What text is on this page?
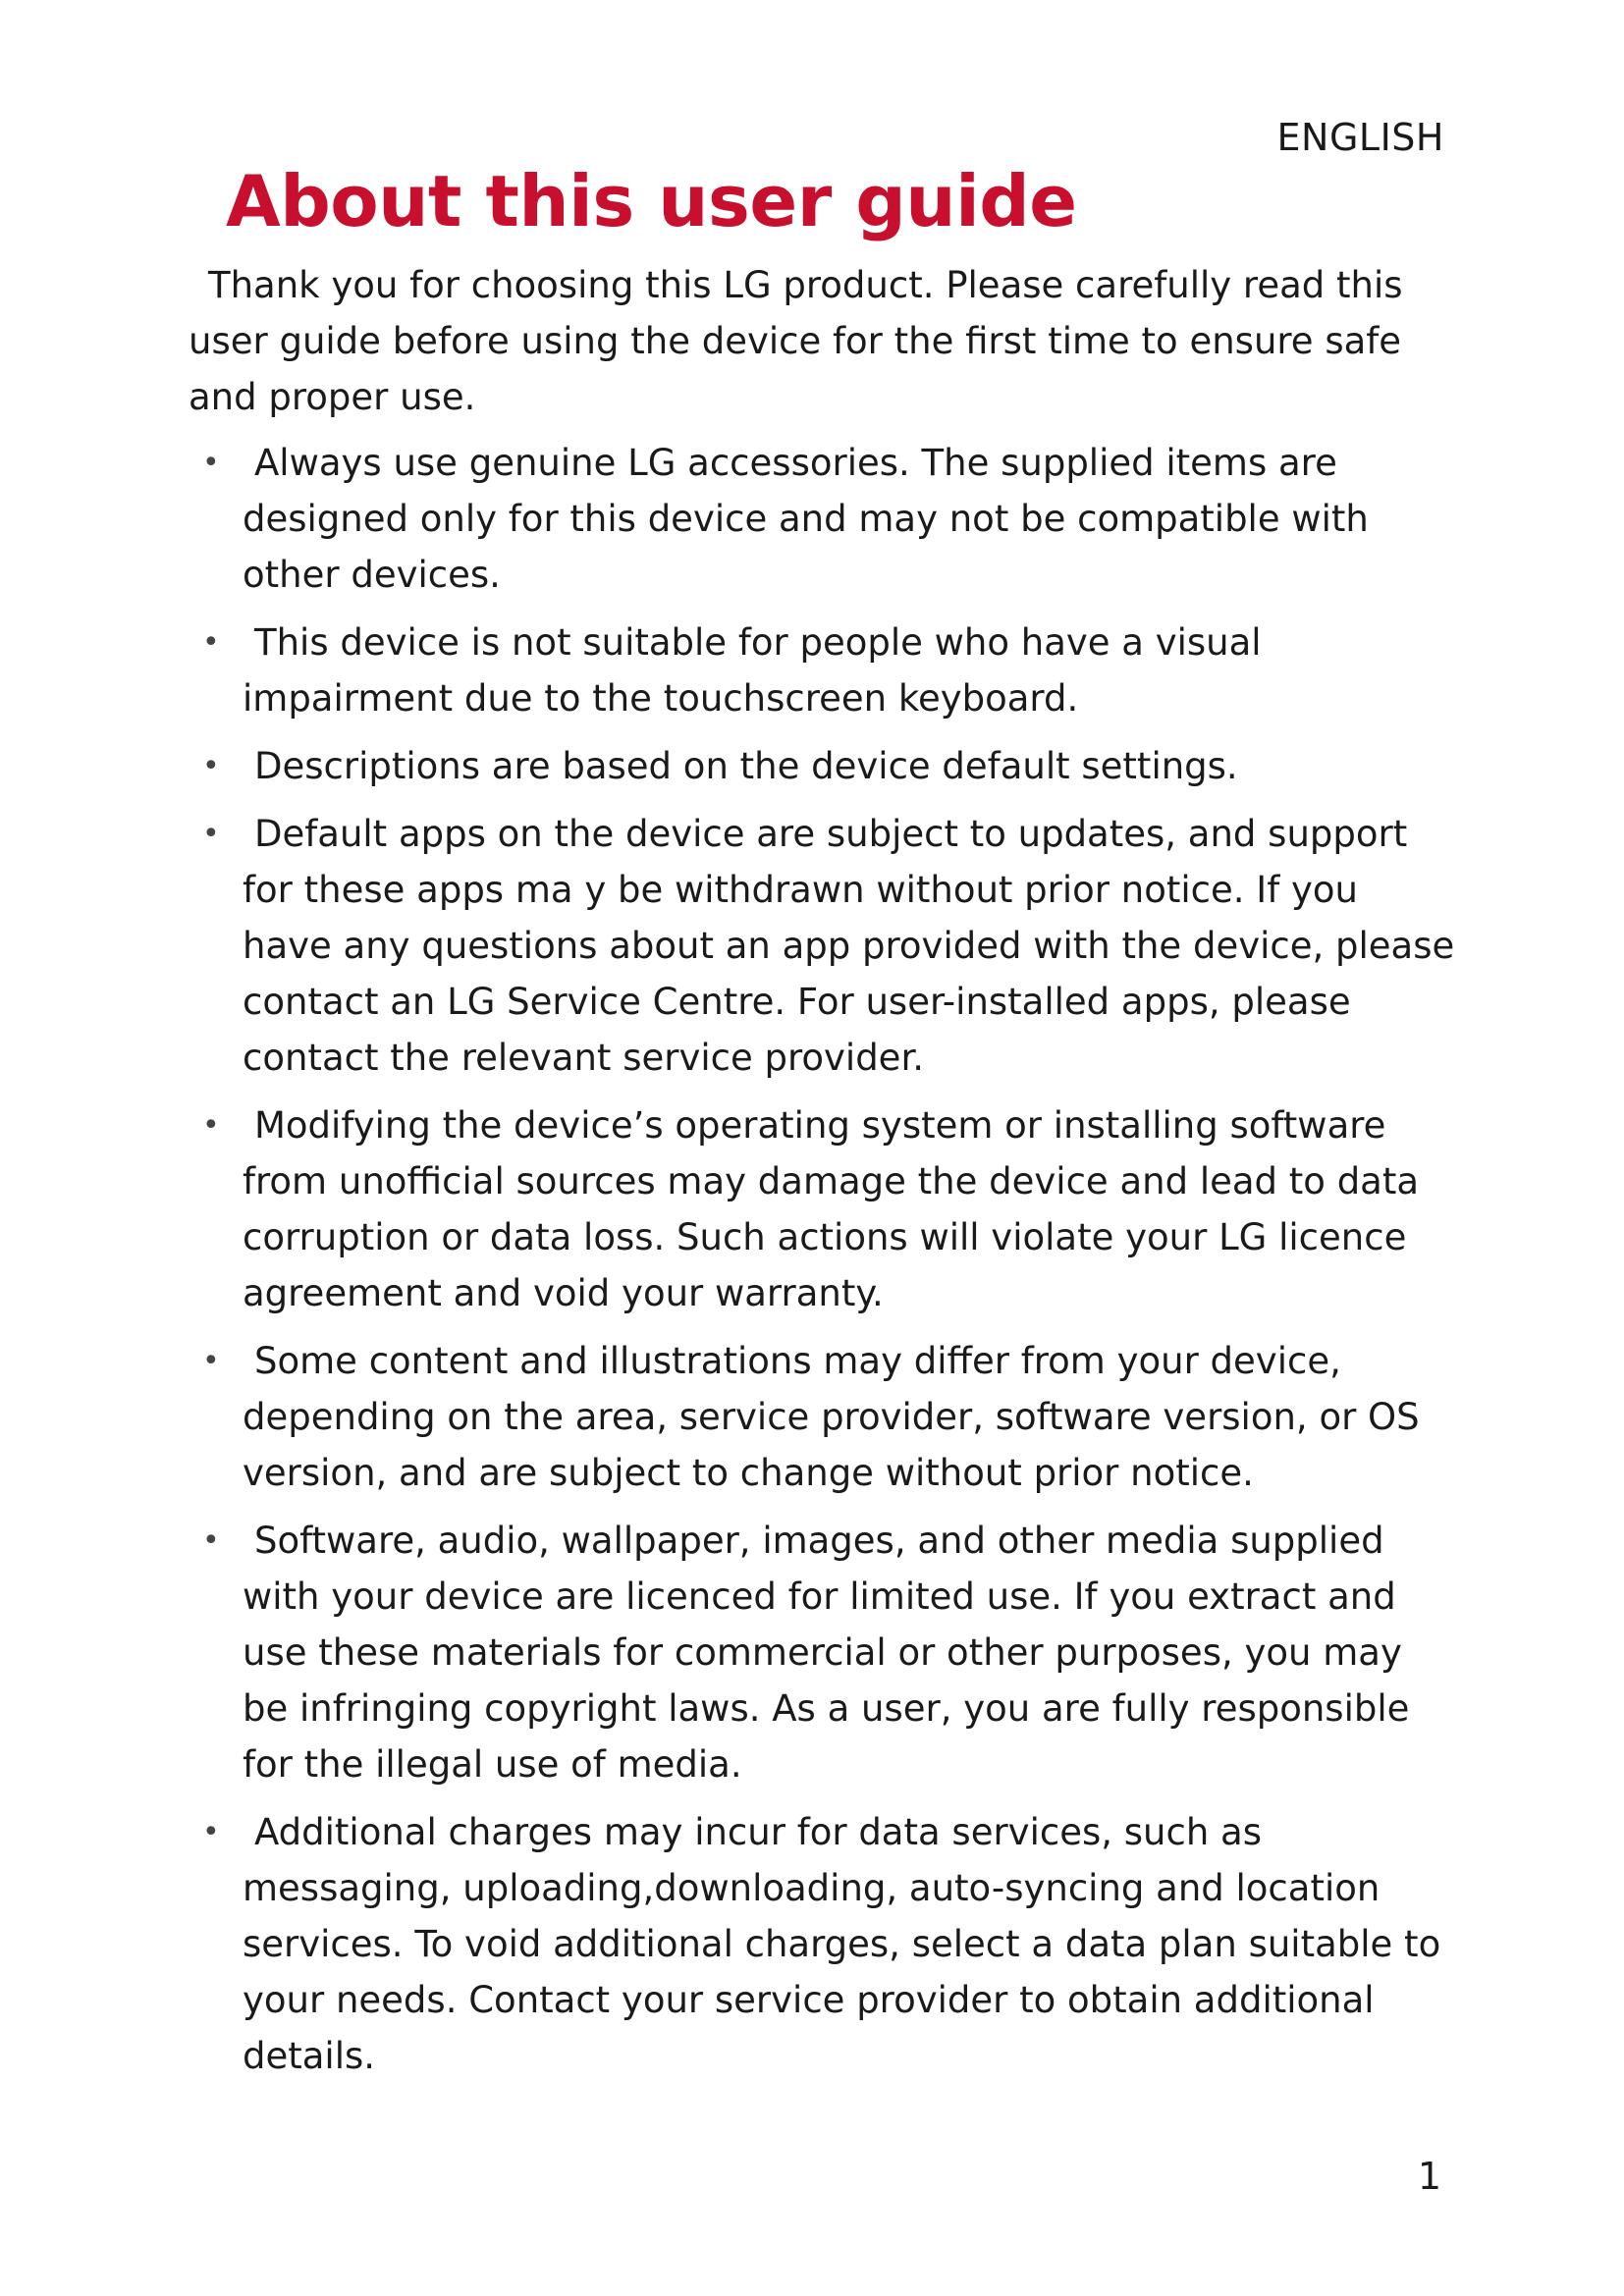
ENGLISH
About this user guide

Thank you for choosing this LG product. Please carefully read this user guide before using the device for the first time to ensure safe and proper use.

• Always use genuine LG accessories. The supplied items are designed only for this device and may not be compatible with other devices.
• This device is not suitable for people who have a visual impairment due to the touchscreen keyboard.
• Descriptions are based on the device default settings.
• Default apps on the device are subject to updates, and support for these apps ma y be withdrawn without prior notice. If you have any questions about an app provided with the device, please contact an LG Service Centre. For user-installed apps, please contact the relevant service provider.
• Modifying the device’s operating system or installing software from unofficial sources may damage the device and lead to data corruption or data loss. Such actions will violate your LG licence agreement and void your warranty.
• Some content and illustrations may differ from your device, depending on the area, service provider, software version, or OS version, and are subject to change without prior notice.
• Software, audio, wallpaper, images, and other media supplied with your device are licenced for limited use. If you extract and use these materials for commercial or other purposes, you may be infringing copyright laws. As a user, you are fully responsible for the illegal use of media.
• Additional charges may incur for data services, such as messaging, uploading,downloading, auto-syncing and location services. To void additional charges, select a data plan suitable to your needs. Contact your service provider to obtain additional details.
1
